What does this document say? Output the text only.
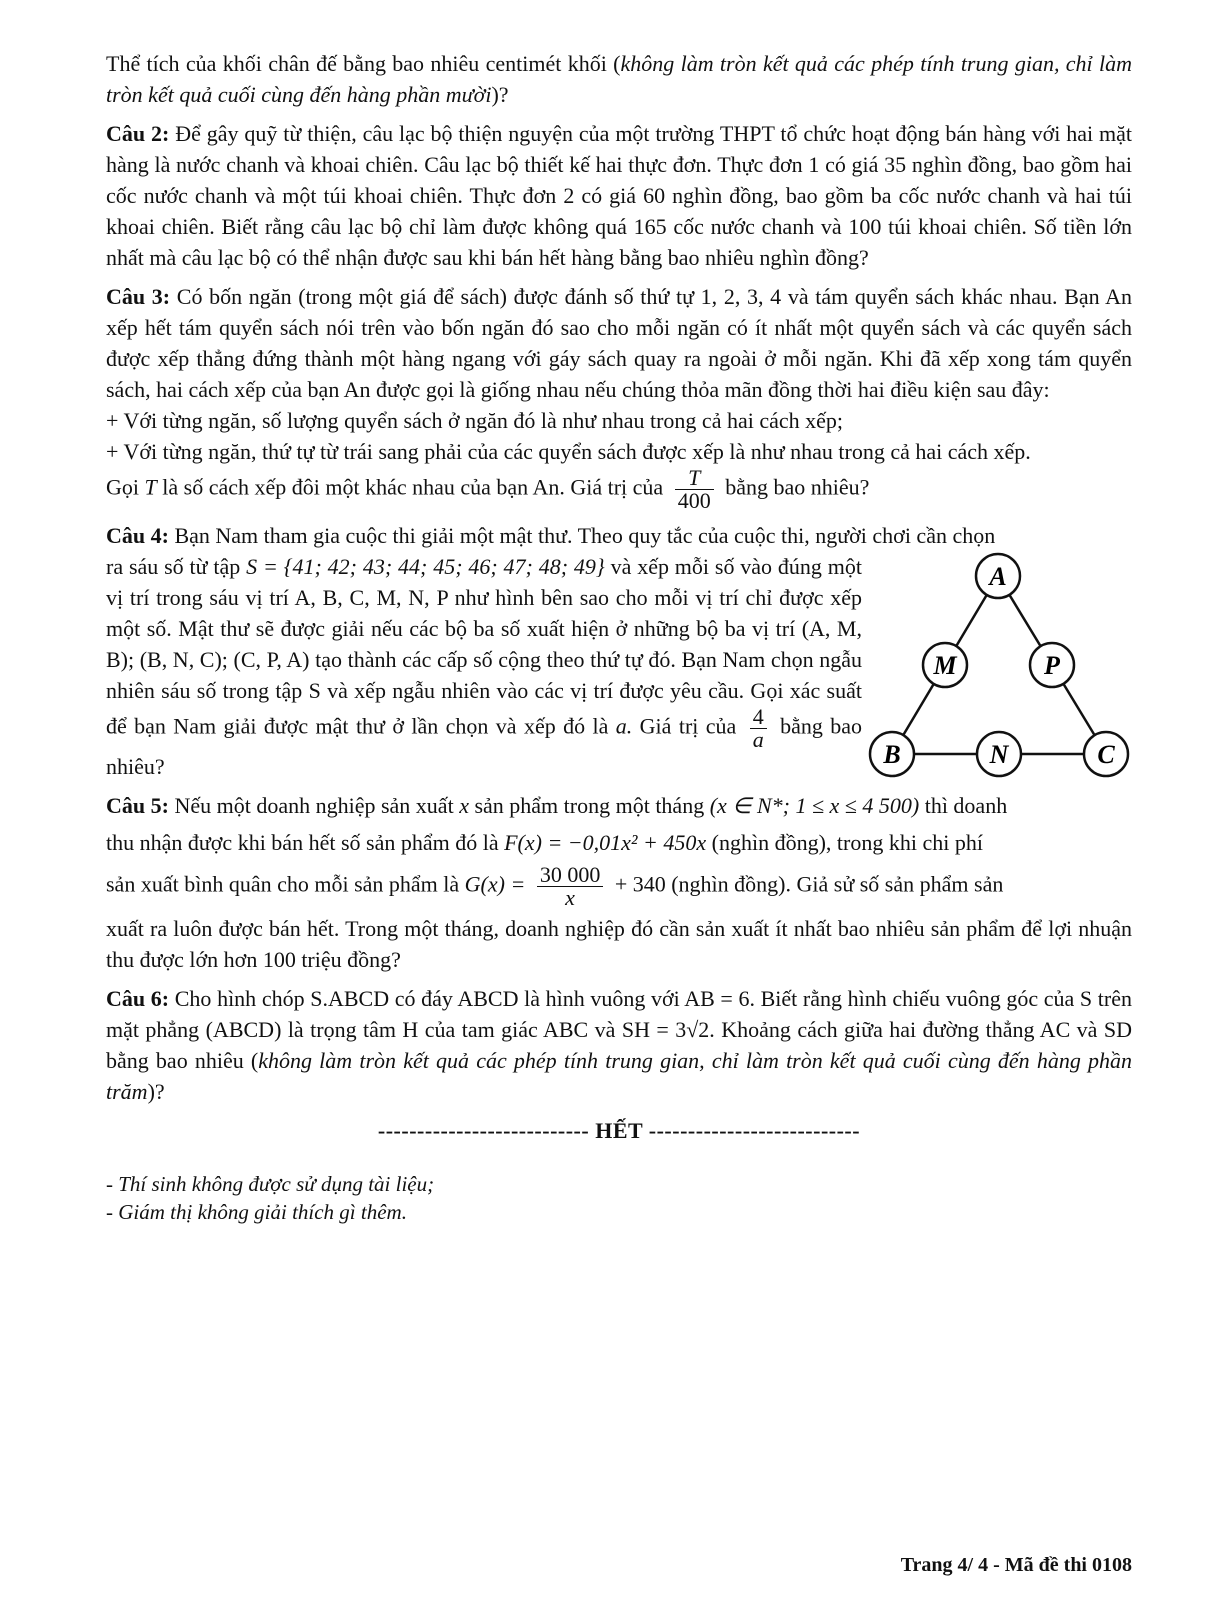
Thể tích của khối chân đế bằng bao nhiêu centimét khối (không làm tròn kết quả các phép tính trung gian, chỉ làm tròn kết quả cuối cùng đến hàng phần mười)?

Câu 2: Để gây quỹ từ thiện, câu lạc bộ thiện nguyện của một trường THPT tổ chức hoạt động bán hàng với hai mặt hàng là nước chanh và khoai chiên. Câu lạc bộ thiết kế hai thực đơn. Thực đơn 1 có giá 35 nghìn đồng, bao gồm hai cốc nước chanh và một túi khoai chiên. Thực đơn 2 có giá 60 nghìn đồng, bao gồm ba cốc nước chanh và hai túi khoai chiên. Biết rằng câu lạc bộ chỉ làm được không quá 165 cốc nước chanh và 100 túi khoai chiên. Số tiền lớn nhất mà câu lạc bộ có thể nhận được sau khi bán hết hàng bằng bao nhiêu nghìn đồng?

Câu 3: Có bốn ngăn (trong một giá để sách) được đánh số thứ tự 1, 2, 3, 4 và tám quyển sách khác nhau. Bạn An xếp hết tám quyển sách nói trên vào bốn ngăn đó sao cho mỗi ngăn có ít nhất một quyển sách và các quyển sách được xếp thẳng đứng thành một hàng ngang với gáy sách quay ra ngoài ở mỗi ngăn. Khi đã xếp xong tám quyển sách, hai cách xếp của bạn An được gọi là giống nhau nếu chúng thỏa mãn đồng thời hai điều kiện sau đây:
+ Với từng ngăn, số lượng quyển sách ở ngăn đó là như nhau trong cả hai cách xếp;
+ Với từng ngăn, thứ tự từ trái sang phải của các quyển sách được xếp là như nhau trong cả hai cách xếp.
Gọi T là số cách xếp đôi một khác nhau của bạn An. Giá trị của $\frac{T}{400}$ bằng bao nhiêu?
Câu 4: Bạn Nam tham gia cuộc thi giải một mật thư. Theo quy tắc của cuộc thi, người chơi cần chọn
ra sáu số từ tập S = {41; 42; 43; 44; 45; 46; 47; 48; 49} và xếp mỗi số vào đúng một vị trí trong sáu vị trí A, B, C, M, N, P như hình bên sao cho mỗi vị trí chỉ được xếp một số. Mật thư sẽ được giải nếu các bộ ba số xuất hiện ở những bộ ba vị trí (A, M, B); (B, N, C); (C, P, A) tạo thành các cấp số cộng theo thứ tự đó. Bạn Nam chọn ngẫu nhiên sáu số trong tập S và xếp ngẫu nhiên vào các vị trí được yêu cầu. Gọi xác suất để bạn Nam giải được mật thư ở lần chọn và xếp đó là a. Giá trị của $\frac{4}{a}$ bằng bao nhiêu?
A
M	P
B	N	C
Câu 5: Nếu một doanh nghiệp sản xuất x sản phẩm trong một tháng (x ∈ N*; 1 ≤ x ≤ 4 500) thì doanh
thu nhận được khi bán hết số sản phẩm đó là F(x) = −0,01x² + 450x (nghìn đồng), trong khi chi phí
sản xuất bình quân cho mỗi sản phẩm là $G(x) = \frac{30 000}{x} + 340$ (nghìn đồng). Giả sử số sản phẩm sản
xuất ra luôn được bán hết. Trong một tháng, doanh nghiệp đó cần sản xuất ít nhất bao nhiêu sản phẩm để lợi nhuận thu được lớn hơn 100 triệu đồng?

Câu 6: Cho hình chóp S.ABCD có đáy ABCD là hình vuông với AB = 6. Biết rằng hình chiếu vuông góc của S trên mặt phẳng (ABCD) là trọng tâm H của tam giác ABC và SH = 3√2. Khoảng cách giữa hai đường thẳng AC và SD bằng bao nhiêu (không làm tròn kết quả các phép tính trung gian, chỉ làm tròn kết quả cuối cùng đến hàng phần trăm)?

--------------------------- HẾT ---------------------------
- Thí sinh không được sử dụng tài liệu;
- Giám thị không giải thích gì thêm.
Trang 4/ 4 - Mã đề thi 0108
